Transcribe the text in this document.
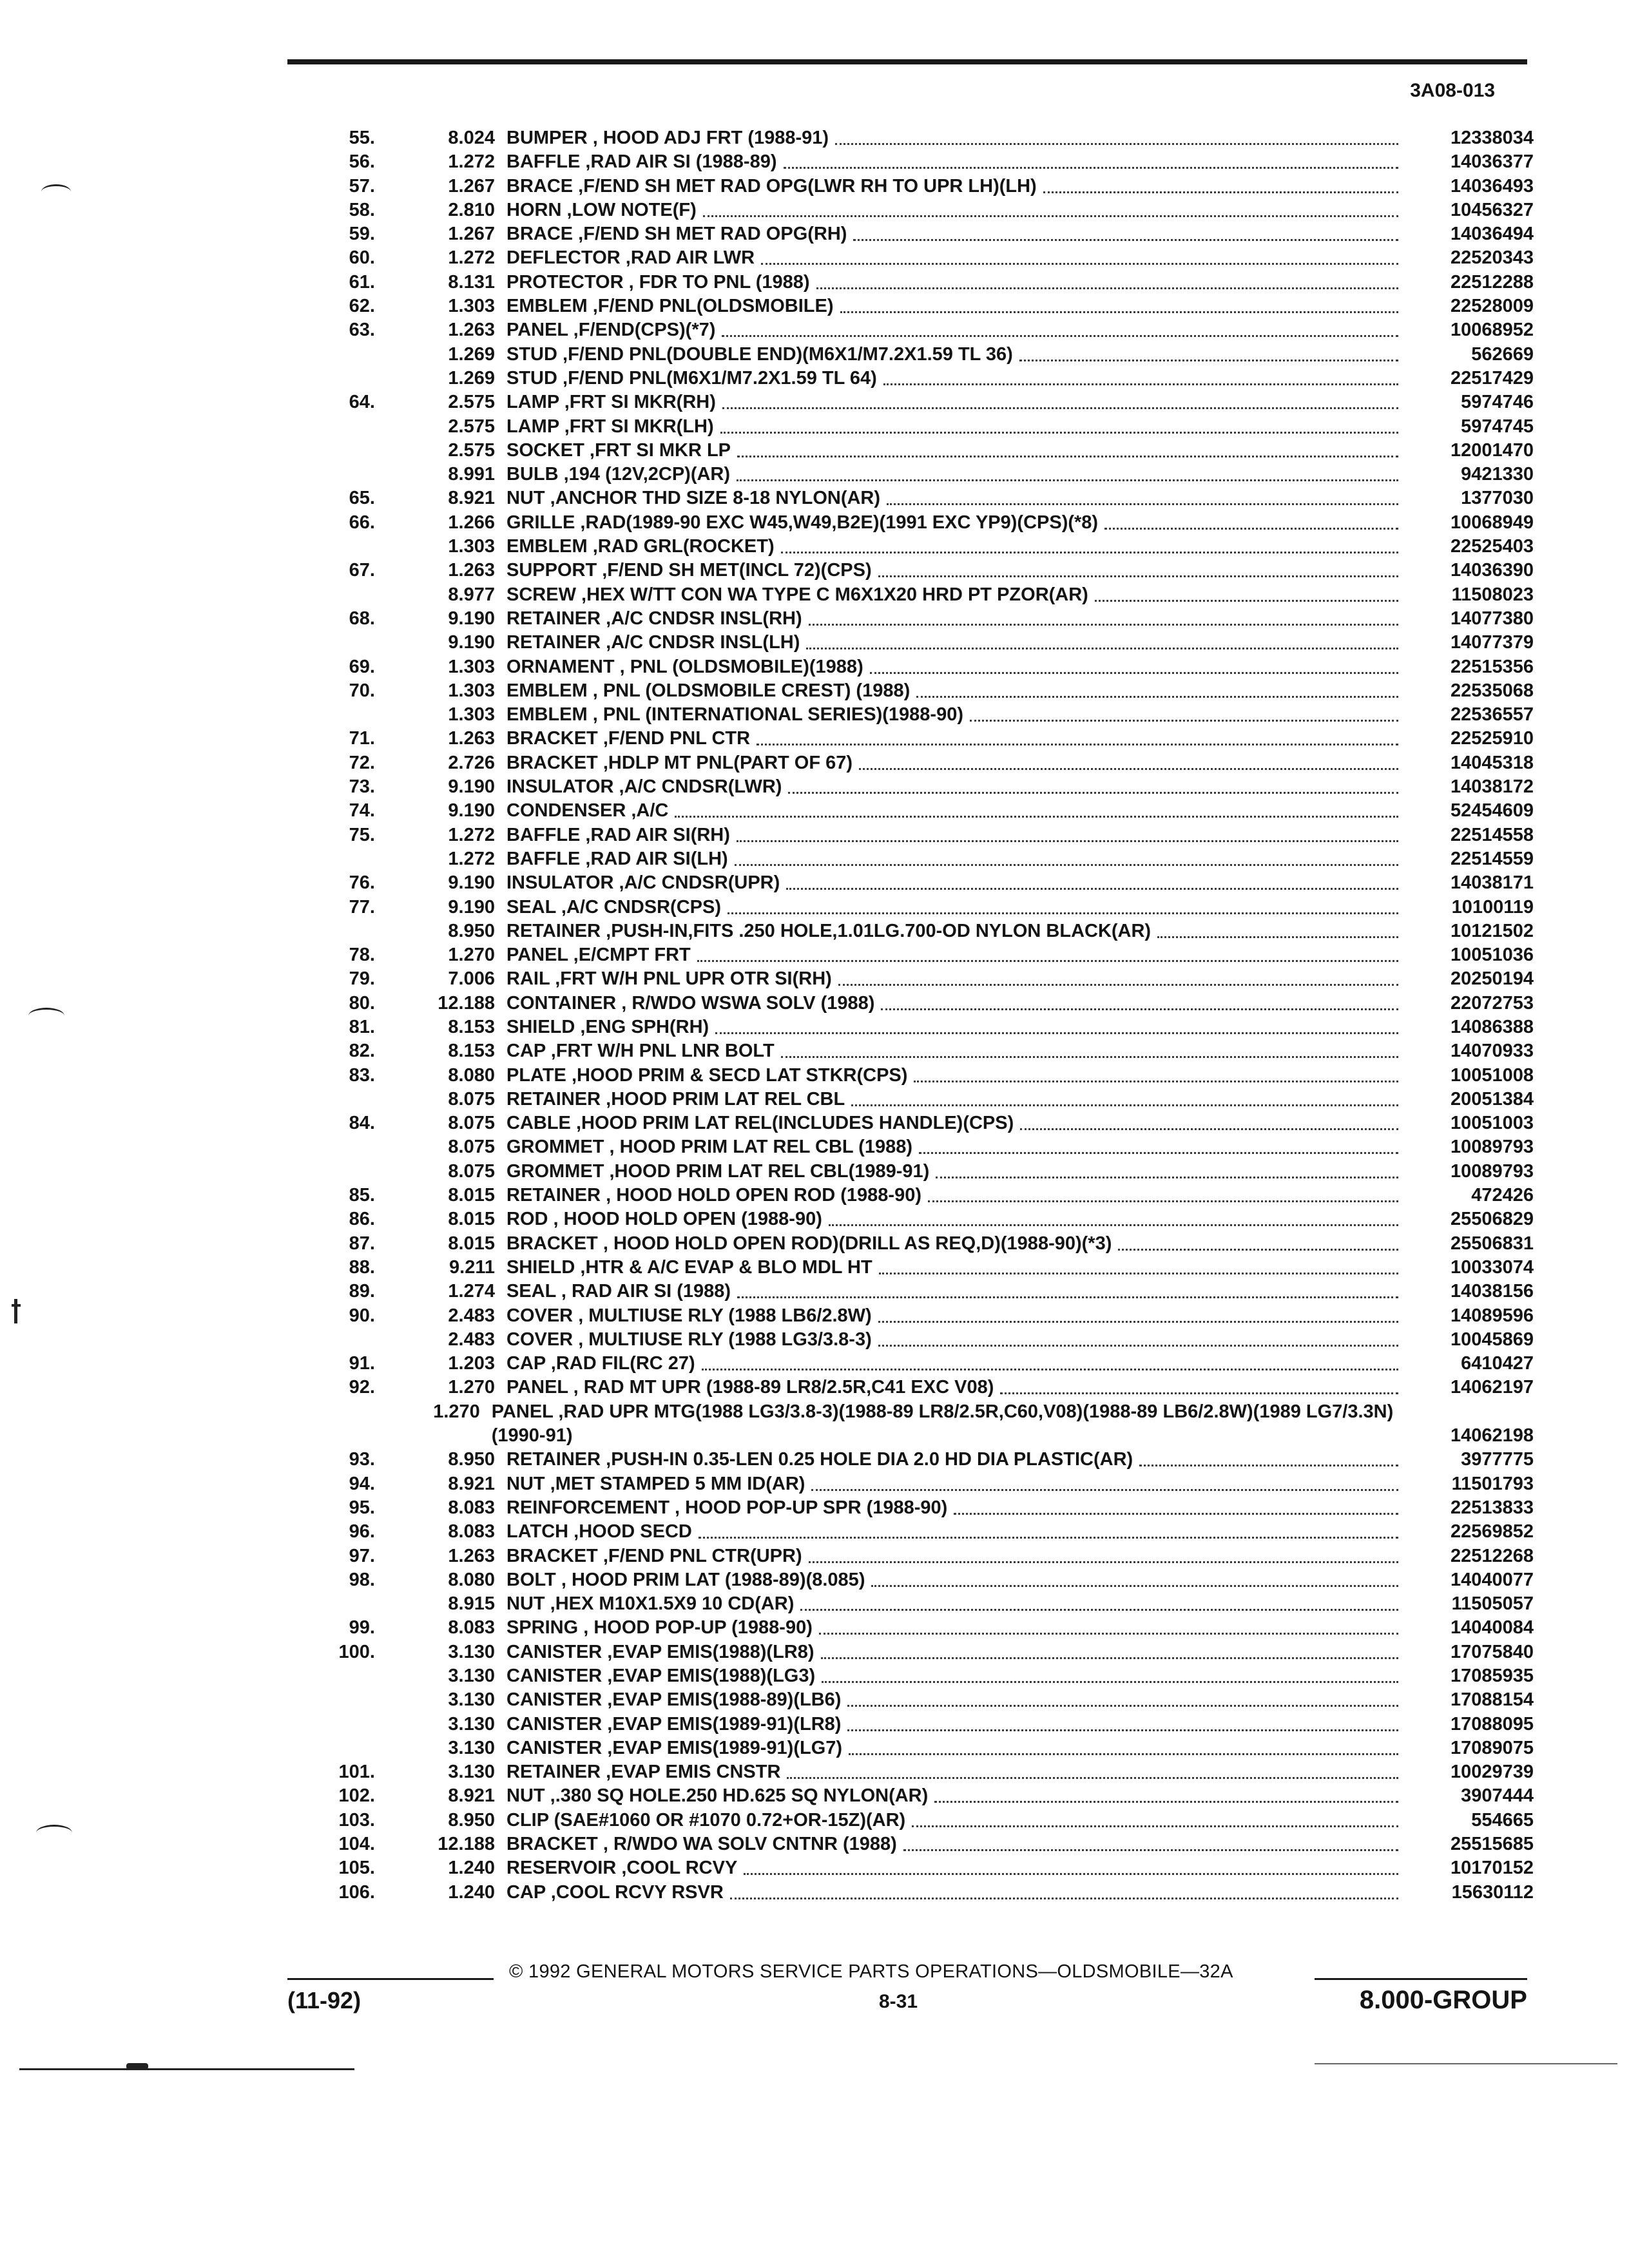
3A08-013
55.	8.024 BUMPER , HOOD ADJ FRT (1988-91)	12338034
56.	1.272 BAFFLE ,RAD AIR SI (1988-89)	14036377
57.	1.267 BRACE ,F/END SH MET RAD OPG(LWR RH TO UPR LH)(LH)	14036493
58.	2.810 HORN ,LOW NOTE(F)	10456327
59.	1.267 BRACE ,F/END SH MET RAD OPG(RH)	14036494
60.	1.272 DEFLECTOR ,RAD AIR LWR	22520343
61.	8.131 PROTECTOR , FDR TO PNL (1988)	22512288
62.	1.303 EMBLEM ,F/END PNL(OLDSMOBILE)	22528009
63.	1.263 PANEL ,F/END(CPS)(*7)	10068952
1.269 STUD ,F/END PNL(DOUBLE END)(M6X1/M7.2X1.59 TL 36)	562669
1.269 STUD ,F/END PNL(M6X1/M7.2X1.59 TL 64)	22517429
64.	2.575 LAMP ,FRT SI MKR(RH)	5974746
2.575 LAMP ,FRT SI MKR(LH)	5974745
2.575 SOCKET ,FRT SI MKR LP	12001470
8.991 BULB ,194 (12V,2CP)(AR)	9421330
65.	8.921 NUT ,ANCHOR THD SIZE 8-18 NYLON(AR)	1377030
66.	1.266 GRILLE ,RAD(1989-90 EXC W45,W49,B2E)(1991 EXC YP9)(CPS)(*8)	10068949
1.303 EMBLEM ,RAD GRL(ROCKET)	22525403
67.	1.263 SUPPORT ,F/END SH MET(INCL 72)(CPS)	14036390
8.977 SCREW ,HEX W/TT CON WA TYPE C M6X1X20 HRD PT PZOR(AR)	11508023
68.	9.190 RETAINER ,A/C CNDSR INSL(RH)	14077380
9.190 RETAINER ,A/C CNDSR INSL(LH)	14077379
69.	1.303 ORNAMENT , PNL (OLDSMOBILE)(1988)	22515356
70.	1.303 EMBLEM , PNL (OLDSMOBILE CREST) (1988)	22535068
1.303 EMBLEM , PNL (INTERNATIONAL SERIES)(1988-90)	22536557
71.	1.263 BRACKET ,F/END PNL CTR	22525910
72.	2.726 BRACKET ,HDLP MT PNL(PART OF 67)	14045318
73.	9.190 INSULATOR ,A/C CNDSR(LWR)	14038172
74.	9.190 CONDENSER ,A/C	52454609
75.	1.272 BAFFLE ,RAD AIR SI(RH)	22514558
1.272 BAFFLE ,RAD AIR SI(LH)	22514559
76.	9.190 INSULATOR ,A/C CNDSR(UPR)	14038171
77.	9.190 SEAL ,A/C CNDSR(CPS)	10100119
8.950 RETAINER ,PUSH-IN,FITS .250 HOLE,1.01LG.700-OD NYLON BLACK(AR)	10121502
78.	1.270 PANEL ,E/CMPT FRT	10051036
79.	7.006 RAIL ,FRT W/H PNL UPR OTR SI(RH)	20250194
80.	12.188 CONTAINER , R/WDO WSWA SOLV (1988)	22072753
81.	8.153 SHIELD ,ENG SPH(RH)	14086388
82.	8.153 CAP ,FRT W/H PNL LNR BOLT	14070933
83.	8.080 PLATE ,HOOD PRIM & SECD LAT STKR(CPS)	10051008
8.075 RETAINER ,HOOD PRIM LAT REL CBL	20051384
84.	8.075 CABLE ,HOOD PRIM LAT REL(INCLUDES HANDLE)(CPS)	10051003
8.075 GROMMET , HOOD PRIM LAT REL CBL (1988)	10089793
8.075 GROMMET ,HOOD PRIM LAT REL CBL(1989-91)	10089793
85.	8.015 RETAINER , HOOD HOLD OPEN ROD (1988-90)	472426
86.	8.015 ROD , HOOD HOLD OPEN (1988-90)	25506829
87.	8.015 BRACKET , HOOD HOLD OPEN ROD)(DRILL AS REQ,D)(1988-90)(*3)	25506831
88.	9.211 SHIELD ,HTR & A/C EVAP & BLO MDL HT	10033074
89.	1.274 SEAL , RAD AIR SI (1988)	14038156
90.	2.483 COVER , MULTIUSE RLY (1988 LB6/2.8W)	14089596
2.483 COVER , MULTIUSE RLY (1988 LG3/3.8-3)	10045869
91.	1.203 CAP ,RAD FIL(RC 27)	6410427
92.	1.270 PANEL , RAD MT UPR (1988-89 LR8/2.5R,C41 EXC V08)	14062197
1.270 PANEL ,RAD UPR MTG(1988 LG3/3.8-3)(1988-89 LR8/2.5R,C60,V08)(1988-89 LB6/2.8W)(1989 LG7/3.3N)(1990-91)	14062198
93.	8.950 RETAINER ,PUSH-IN 0.35-LEN 0.25 HOLE DIA 2.0 HD DIA PLASTIC(AR)	3977775
94.	8.921 NUT ,MET STAMPED 5 MM ID(AR)	11501793
95.	8.083 REINFORCEMENT , HOOD POP-UP SPR (1988-90)	22513833
96.	8.083 LATCH ,HOOD SECD	22569852
97.	1.263 BRACKET ,F/END PNL CTR(UPR)	22512268
98.	8.080 BOLT , HOOD PRIM LAT (1988-89)(8.085)	14040077
8.915 NUT ,HEX M10X1.5X9 10 CD(AR)	11505057
99.	8.083 SPRING , HOOD POP-UP (1988-90)	14040084
100.	3.130 CANISTER ,EVAP EMIS(1988)(LR8)	17075840
3.130 CANISTER ,EVAP EMIS(1988)(LG3)	17085935
3.130 CANISTER ,EVAP EMIS(1988-89)(LB6)	17088154
3.130 CANISTER ,EVAP EMIS(1989-91)(LR8)	17088095
3.130 CANISTER ,EVAP EMIS(1989-91)(LG7)	17089075
101.	3.130 RETAINER ,EVAP EMIS CNSTR	10029739
102.	8.921 NUT ,.380 SQ HOLE.250 HD.625 SQ NYLON(AR)	3907444
103.	8.950 CLIP (SAE#1060 OR #1070 0.72+OR-15Z)(AR)	554665
104.	12.188 BRACKET , R/WDO WA SOLV CNTNR (1988)	25515685
105.	1.240 RESERVOIR ,COOL RCVY	10170152
106.	1.240 CAP ,COOL RCVY RSVR	15630112
© 1992 GENERAL MOTORS SERVICE PARTS OPERATIONS—OLDSMOBILE—32A
(11-92)	8-31	8.000-GROUP
